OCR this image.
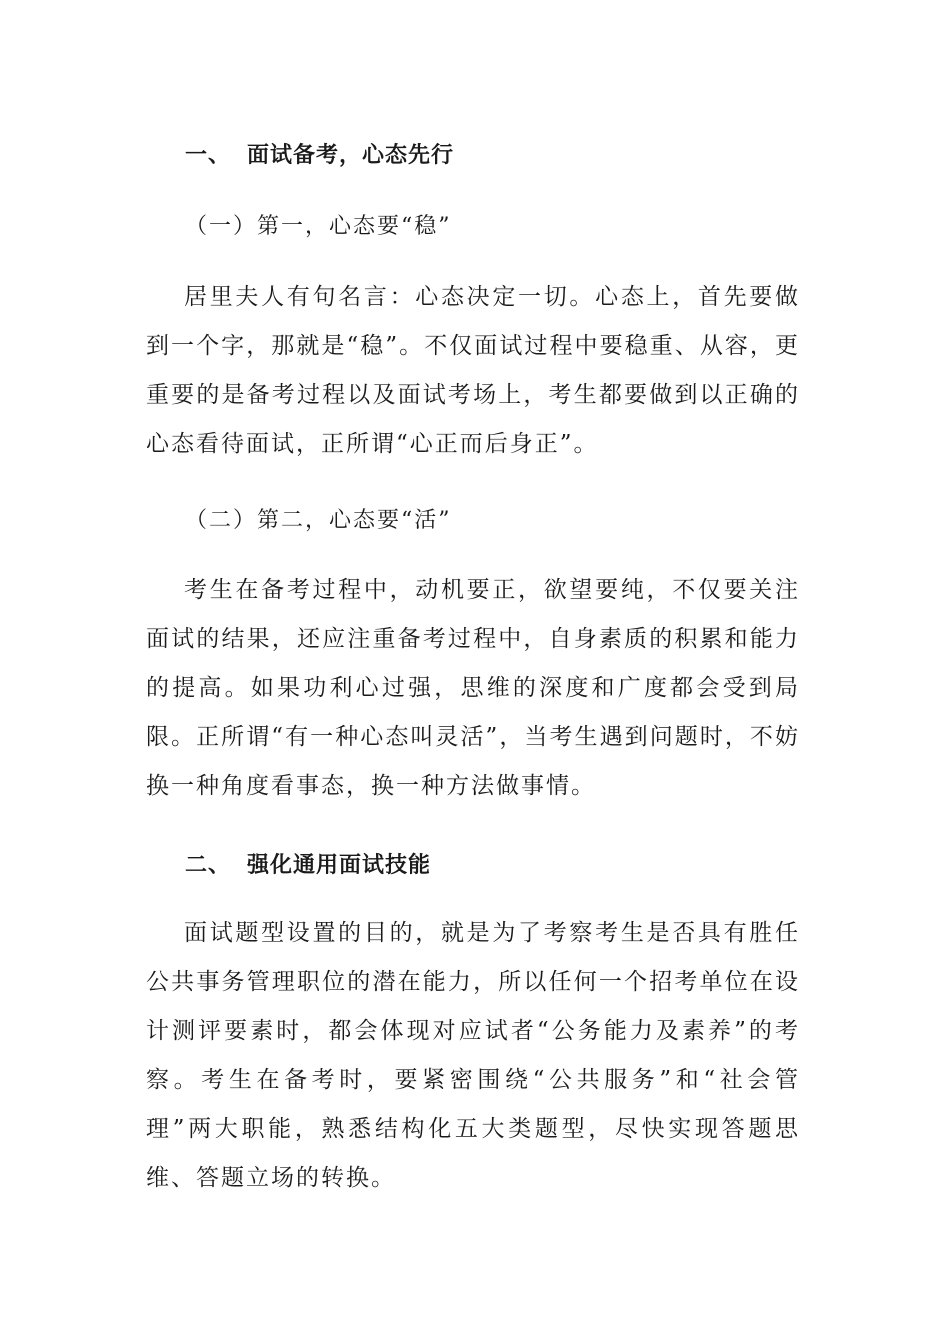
一、 面试备考，心态先行
（一）第一，心态要“稳”
居里夫人有句名言：心态决定一切。心态上，首先要做到一个字，那就是“稳”。不仅面试过程中要稳重、从容，更重要的是备考过程以及面试考场上，考生都要做到以正确的心态看待面试，正所谓“心正而后身正”。
（二）第二，心态要“活”
考生在备考过程中，动机要正，欲望要纯，不仅要关注面试的结果，还应注重备考过程中，自身素质的积累和能力的提高。如果功利心过强，思维的深度和广度都会受到局限。正所谓“有一种心态叫灵活”，当考生遇到问题时，不妨换一种角度看事态，换一种方法做事情。
二、 强化通用面试技能
面试题型设置的目的，就是为了考察考生是否具有胜任公共事务管理职位的潜在能力，所以任何一个招考单位在设计测评要素时，都会体现对应试者“公务能力及素养”的考察。考生在备考时，要紧密围绕“公共服务”和“社会管理”两大职能，熟悉结构化五大类题型，尽快实现答题思维、答题立场的转换。
